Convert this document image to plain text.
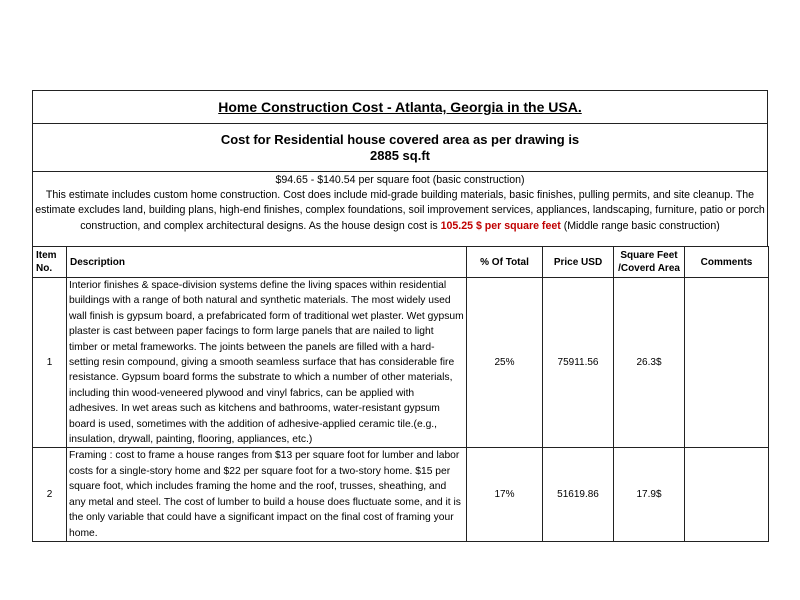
Home Construction Cost - Atlanta, Georgia in the USA.
Cost for Residential house covered area as per drawing is
2885 sq.ft
$94.65 - $140.54 per square foot (basic construction)
This estimate includes custom home construction. Cost does include mid-grade building materials, basic finishes, pulling permits, and site cleanup. The estimate excludes land, building plans, high-end finishes, complex foundations, soil improvement services, appliances, landscaping, furniture, patio or porch construction, and complex architectural designs. As the house design cost is 105.25 $ per square feet (Middle range basic construction)
Item No.	Description	% Of Total	Price USD	Square Feet /Coverd Area	Comments
1	Interior finishes & space-division systems define the living spaces within residential buildings with a range of both natural and synthetic materials. The most widely used wall finish is gypsum board, a prefabricated form of traditional wet plaster. Wet gypsum plaster is cast between paper facings to form large panels that are nailed to light timber or metal frameworks. The joints between the panels are filled with a hard-setting resin compound, giving a smooth seamless surface that has considerable fire resistance. Gypsum board forms the substrate to which a number of other materials, including thin wood-veneered plywood and vinyl fabrics, can be applied with adhesives. In wet areas such as kitchens and bathrooms, water-resistant gypsum board is used, sometimes with the addition of adhesive-applied ceramic tile.(e.g., insulation, drywall, painting, flooring, appliances, etc.)	25%	75911.56	26.3$	
2	Framing : cost to frame a house ranges from $13 per square foot for lumber and labor costs for a single-story home and $22 per square foot for a two-story home. $15 per square foot, which includes framing the home and the roof, trusses, sheathing, and any metal and steel. The cost of lumber to build a house does fluctuate some, and it is the only variable that could have a significant impact on the final cost of framing your home.	17%	51619.86	17.9$	
